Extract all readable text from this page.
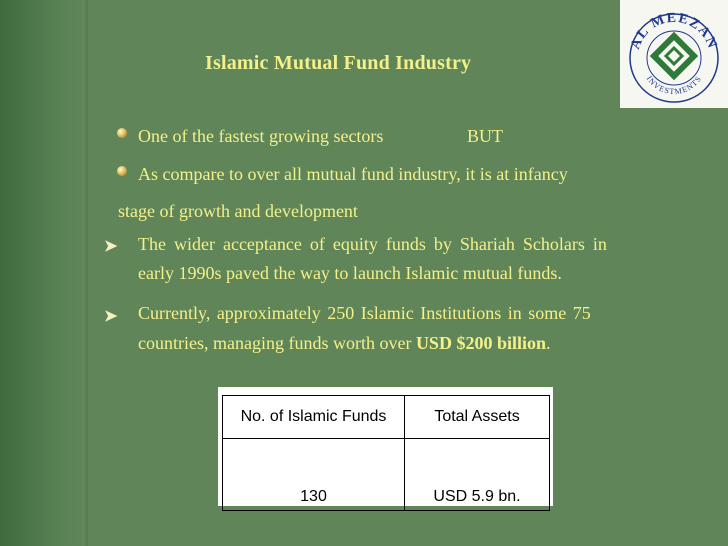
Islamic Mutual Fund Industry
AL MEEZAN
INVESTMENTS
One of the fastest growing sectors	BUT
As compare to over all mutual fund industry, it is at infancy
stage of growth and development
➤ The wider acceptance of equity funds by Shariah Scholars in
early 1990s paved the way to launch Islamic mutual funds.
➤ Currently, approximately 250 Islamic Institutions in some 75
countries, managing funds worth over USD $200 billion.
No. of Islamic Funds	Total Assets
130	USD 5.9 bn.
